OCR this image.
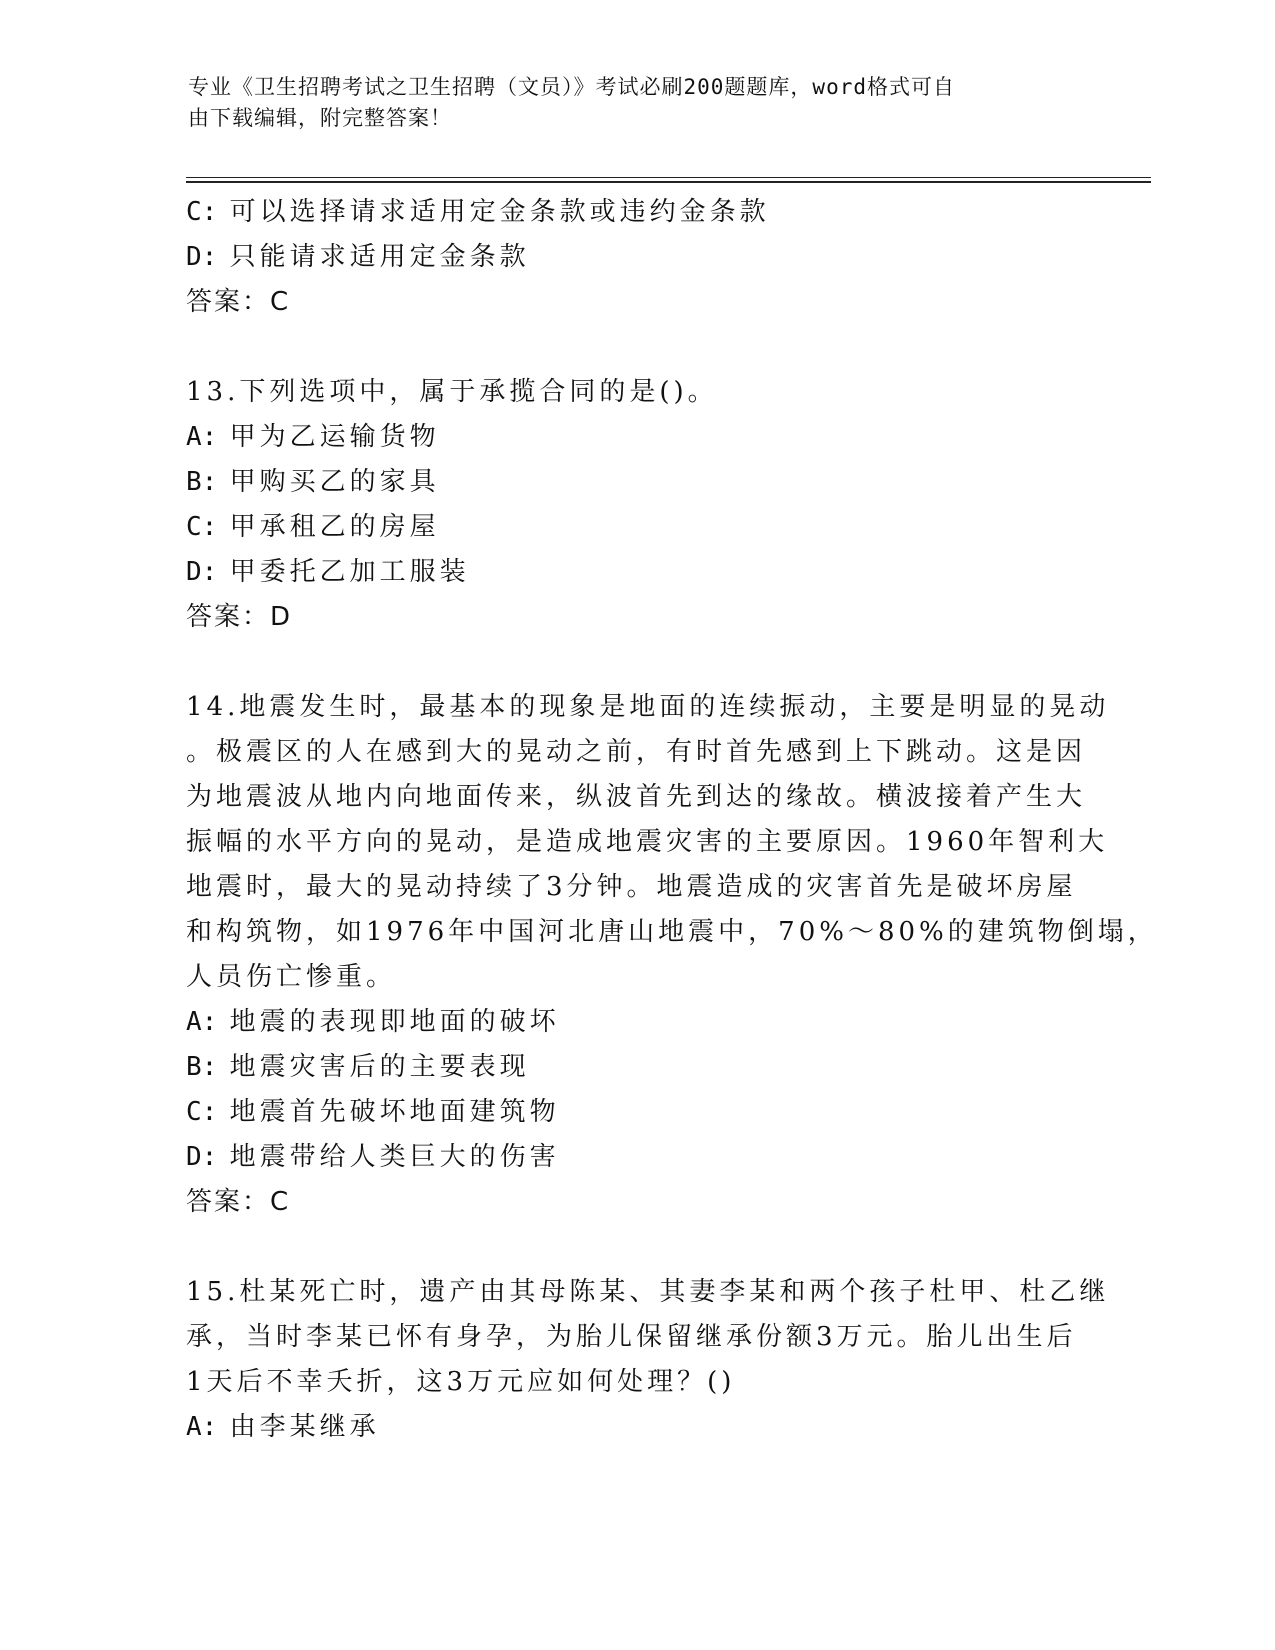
专业《卫生招聘考试之卫生招聘（文员）》考试必刷200题题库，word格式可自
由下载编辑，附完整答案！
C: 可以选择请求适用定金条款或违约金条款
D: 只能请求适用定金条款
答案：C
13.下列选项中，属于承揽合同的是()。
A: 甲为乙运输货物
B: 甲购买乙的家具
C: 甲承租乙的房屋
D: 甲委托乙加工服装
答案：D
14.地震发生时，最基本的现象是地面的连续振动，主要是明显的晃动
。极震区的人在感到大的晃动之前，有时首先感到上下跳动。这是因
为地震波从地内向地面传来，纵波首先到达的缘故。横波接着产生大
振幅的水平方向的晃动，是造成地震灾害的主要原因。1960年智利大
地震时，最大的晃动持续了3分钟。地震造成的灾害首先是破坏房屋
和构筑物，如1976年中国河北唐山地震中，70%～80%的建筑物倒塌，
人员伤亡惨重。
A: 地震的表现即地面的破坏
B: 地震灾害后的主要表现
C: 地震首先破坏地面建筑物
D: 地震带给人类巨大的伤害
答案：C
15.杜某死亡时，遗产由其母陈某、其妻李某和两个孩子杜甲、杜乙继
承，当时李某已怀有身孕，为胎儿保留继承份额3万元。胎儿出生后
1天后不幸夭折，这3万元应如何处理？()
A: 由李某继承
